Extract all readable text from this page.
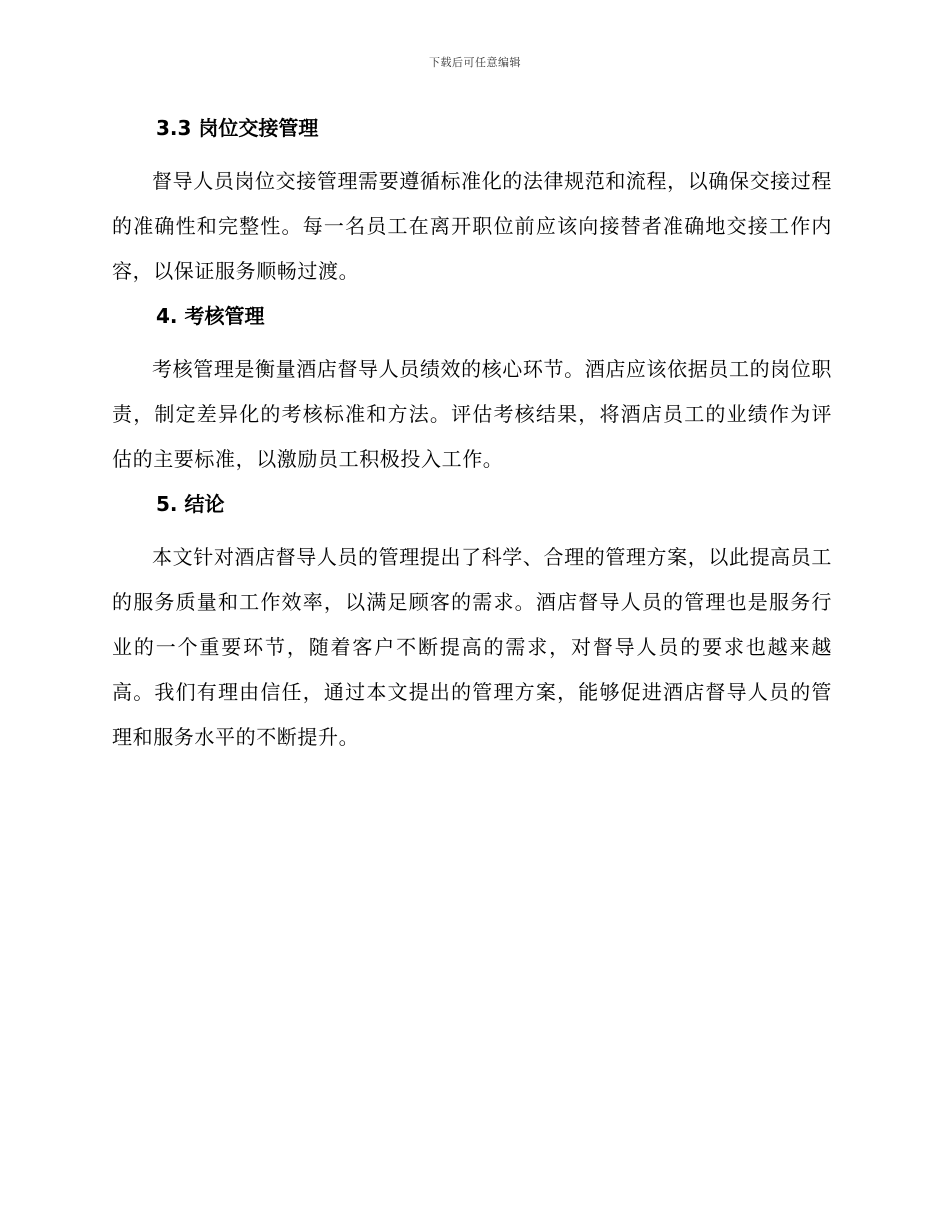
下载后可任意编辑
3.3 岗位交接管理

督导人员岗位交接管理需要遵循标准化的法律规范和流程，以确保交接过程的准确性和完整性。每一名员工在离开职位前应该向接替者准确地交接工作内容，以保证服务顺畅过渡。

4. 考核管理

考核管理是衡量酒店督导人员绩效的核心环节。酒店应该依据员工的岗位职责，制定差异化的考核标准和方法。评估考核结果，将酒店员工的业绩作为评估的主要标准，以激励员工积极投入工作。

5. 结论

本文针对酒店督导人员的管理提出了科学、合理的管理方案，以此提高员工的服务质量和工作效率，以满足顾客的需求。酒店督导人员的管理也是服务行业的一个重要环节，随着客户不断提高的需求，对督导人员的要求也越来越高。我们有理由信任，通过本文提出的管理方案，能够促进酒店督导人员的管理和服务水平的不断提升。
